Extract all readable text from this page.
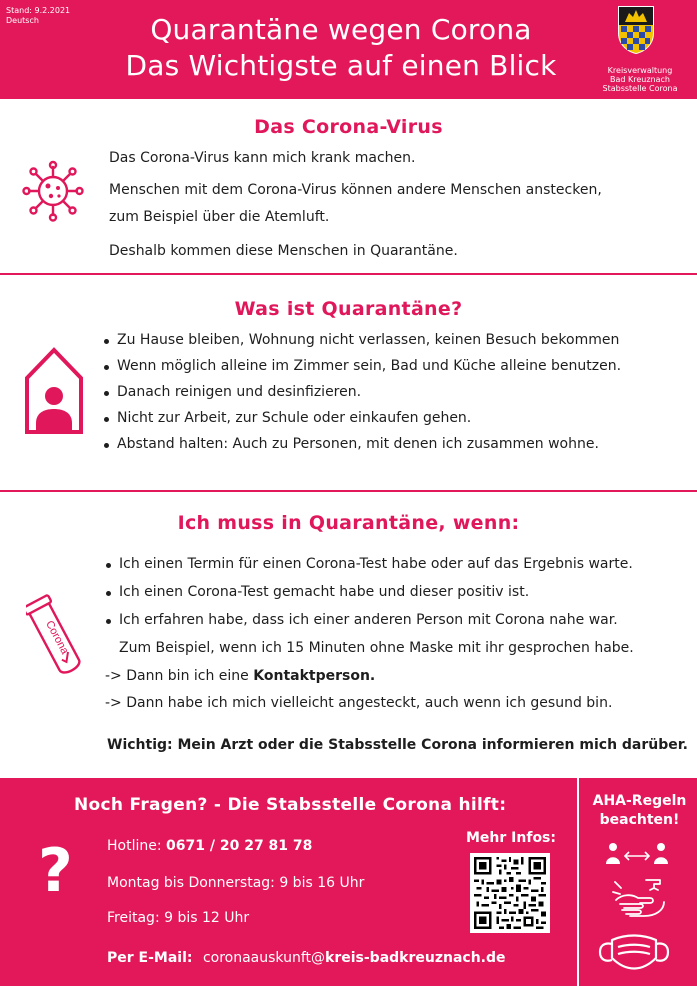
Stand: 9.2.2021
Deutsch	Quarantäne wegen Corona
Das Wichtigste auf einen Blick	Kreisverwaltung
Bad Kreuznach
Stabsstelle Corona
Das Corona-Virus
Das Corona-Virus kann mich krank machen.
Menschen mit dem Corona-Virus können andere Menschen anstecken,
zum Beispiel über die Atemluft.
Deshalb kommen diese Menschen in Quarantäne.
Was ist Quarantäne?
Zu Hause bleiben, Wohnung nicht verlassen, keinen Besuch bekommen
Wenn möglich alleine im Zimmer sein, Bad und Küche alleine benutzen.
Danach reinigen und desinfizieren.
Nicht zur Arbeit, zur Schule oder einkaufen gehen.
Abstand halten: Auch zu Personen, mit denen ich zusammen wohne.
Ich muss in Quarantäne, wenn:
Corona
Ich einen Termin für einen Corona-Test habe oder auf das Ergebnis warte.
Ich einen Corona-Test gemacht habe und dieser positiv ist.
Ich erfahren habe, dass ich einer anderen Person mit Corona nahe war.
Zum Beispiel, wenn ich 15 Minuten ohne Maske mit ihr gesprochen habe.
-> Dann bin ich eine Kontaktperson.
-> Dann habe ich mich vielleicht angesteckt, auch wenn ich gesund bin.
Wichtig: Mein Arzt oder die Stabsstelle Corona informieren mich darüber.
Noch Fragen? - Die Stabsstelle Corona hilft:
? Hotline: 0671 / 20 27 81 78
Montag bis Donnerstag: 9 bis 16 Uhr
Freitag: 9 bis 12 Uhr
Per E-Mail: coronaauskunft@kreis-badkreuznach.de
Mehr Infos:
AHA-Regeln
beachten!
